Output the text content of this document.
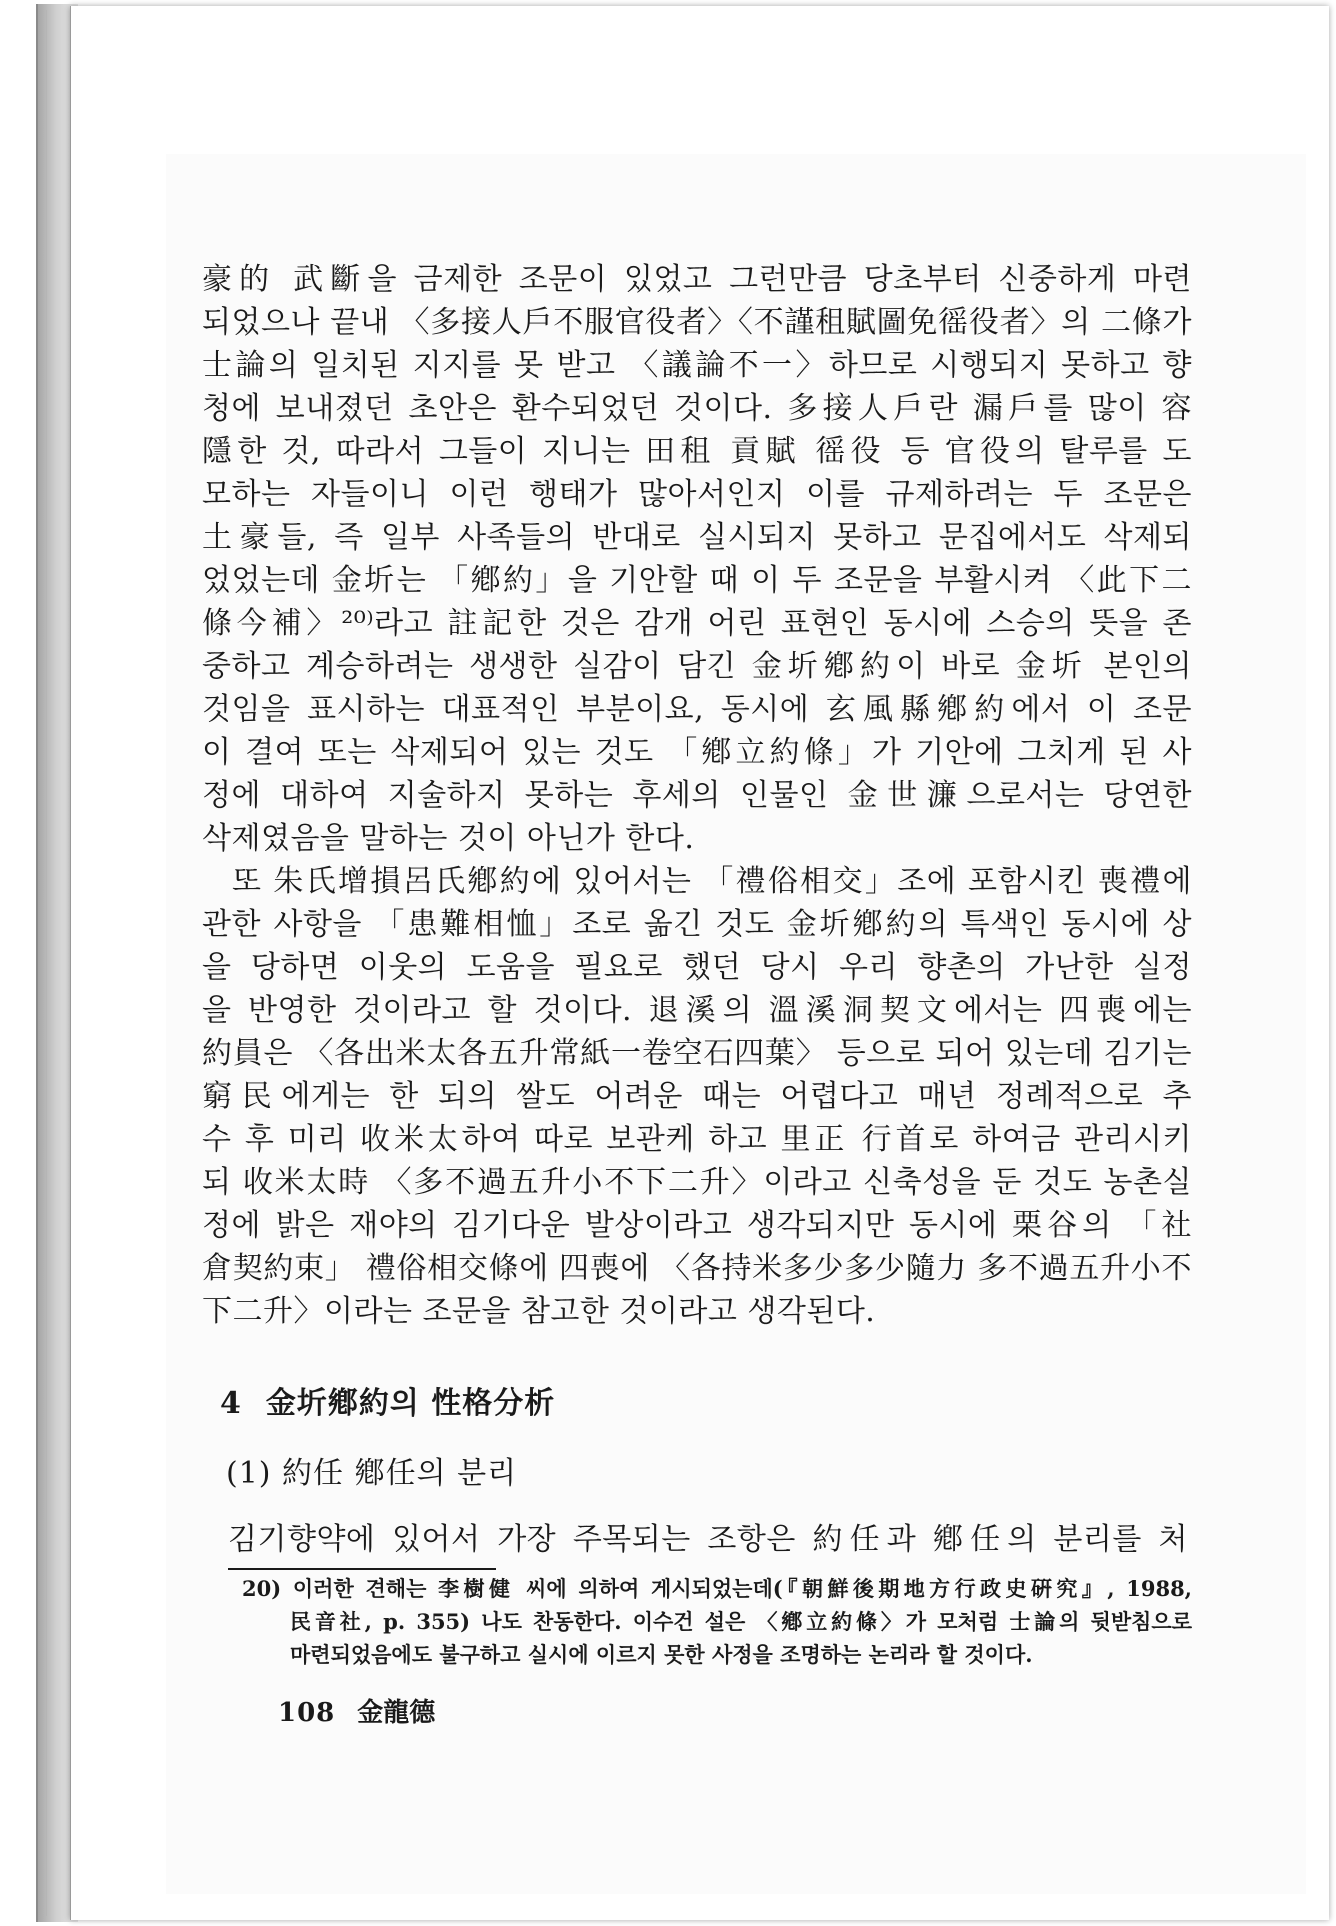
豪的 武斷을 금제한 조문이 있었고 그런만큼 당초부터 신중하게 마련
되었으나 끝내 〈多接人戶不服官役者〉〈不謹租賦圖免徭役者〉의 二條가
士論의 일치된 지지를 못 받고 〈議論不一〉하므로 시행되지 못하고 향
청에 보내졌던 초안은 환수되었던 것이다. 多接人戶란 漏戶를 많이 容
隱한 것, 따라서 그들이 지니는 田租 貢賦 徭役 등 官役의 탈루를 도
모하는 자들이니 이런 행태가 많아서인지 이를 규제하려는 두 조문은
土豪들, 즉 일부 사족들의 반대로 실시되지 못하고 문집에서도 삭제되
었었는데 金圻는 「鄕約」을 기안할 때 이 두 조문을 부활시켜 〈此下二
條今補〉²⁰⁾라고 註記한 것은 감개 어린 표현인 동시에 스승의 뜻을 존
중하고 계승하려는 생생한 실감이 담긴 金圻鄕約이 바로 金圻 본인의
것임을 표시하는 대표적인 부분이요, 동시에 玄風縣鄕約에서 이 조문
이 결여 또는 삭제되어 있는 것도 「鄕立約條」가 기안에 그치게 된 사
정에 대하여 지술하지 못하는 후세의 인물인 金世濂으로서는 당연한
삭제였음을 말하는 것이 아닌가 한다.
또 朱氏增損呂氏鄕約에 있어서는 「禮俗相交」조에 포함시킨 喪禮에
관한 사항을 「患難相恤」조로 옮긴 것도 金圻鄕約의 특색인 동시에 상
을 당하면 이웃의 도움을 필요로 했던 당시 우리 향촌의 가난한 실정
을 반영한 것이라고 할 것이다. 退溪의 溫溪洞契文에서는 四喪에는
約員은 〈各出米太各五升常紙一卷空石四葉〉 등으로 되어 있는데 김기는
窮民에게는 한 되의 쌀도 어려운 때는 어렵다고 매년 정례적으로 추
수 후 미리 收米太하여 따로 보관케 하고 里正 行首로 하여금 관리시키
되 收米太時 〈多不過五升小不下二升〉이라고 신축성을 둔 것도 농촌실
정에 밝은 재야의 김기다운 발상이라고 생각되지만 동시에 栗谷의 「社
倉契約束」 禮俗相交條에 四喪에 〈各持米多少多少隨力 多不過五升小不
下二升〉이라는 조문을 참고한 것이라고 생각된다.
4 金圻鄕約의 性格分析
(1) 約任 鄕任의 분리
김기향약에 있어서 가장 주목되는 조항은 約任과 鄕任의 분리를 처
20) 이러한 견해는 李樹健 씨에 의하여 게시되었는데(『朝鮮後期地方行政史硏究』, 1988,
民音社, p. 355) 나도 찬동한다. 이수건 설은 〈鄕立約條〉가 모처럼 士論의 뒷받침으로
마련되었음에도 불구하고 실시에 이르지 못한 사정을 조명하는 논리라 할 것이다.
108 金龍德
